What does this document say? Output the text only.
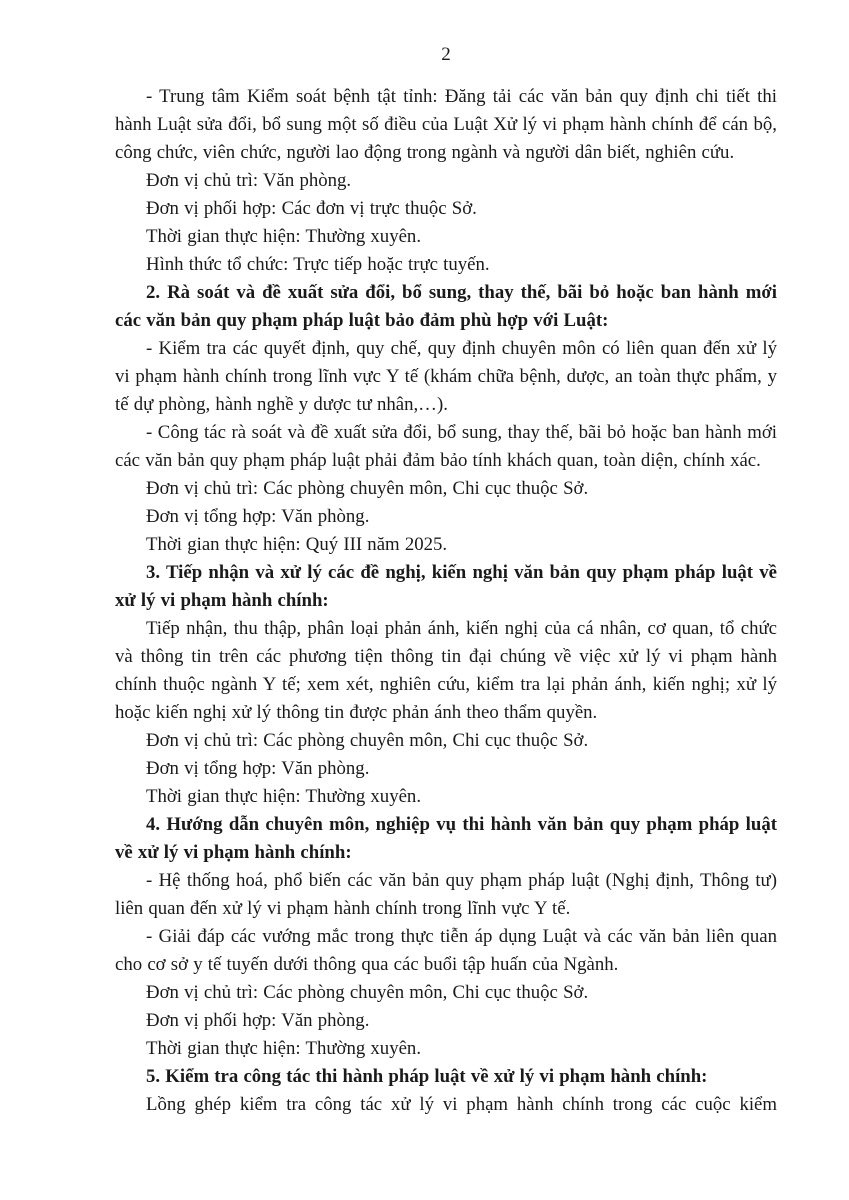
2

- Trung tâm Kiểm soát bệnh tật tỉnh: Đăng tải các văn bản quy định chi tiết thi hành Luật sửa đổi, bổ sung một số điều của Luật Xử lý vi phạm hành chính để cán bộ, công chức, viên chức, người lao động trong ngành và người dân biết, nghiên cứu.

Đơn vị chủ trì: Văn phòng.

Đơn vị phối hợp: Các đơn vị trực thuộc Sở.

Thời gian thực hiện: Thường xuyên.

Hình thức tổ chức: Trực tiếp hoặc trực tuyến.

2. Rà soát và đề xuất sửa đổi, bổ sung, thay thế, bãi bỏ hoặc ban hành mới các văn bản quy phạm pháp luật bảo đảm phù hợp với Luật:

- Kiểm tra các quyết định, quy chế, quy định chuyên môn có liên quan đến xử lý vi phạm hành chính trong lĩnh vực Y tế (khám chữa bệnh, dược, an toàn thực phẩm, y tế dự phòng, hành nghề y dược tư nhân,…).

- Công tác rà soát và đề xuất sửa đổi, bổ sung, thay thế, bãi bỏ hoặc ban hành mới các văn bản quy phạm pháp luật phải đảm bảo tính khách quan, toàn diện, chính xác.

Đơn vị chủ trì: Các phòng chuyên môn, Chi cục thuộc Sở.

Đơn vị tổng hợp: Văn phòng.

Thời gian thực hiện: Quý III năm 2025.

3. Tiếp nhận và xử lý các đề nghị, kiến nghị văn bản quy phạm pháp luật về xử lý vi phạm hành chính:

Tiếp nhận, thu thập, phân loại phản ánh, kiến nghị của cá nhân, cơ quan, tổ chức và thông tin trên các phương tiện thông tin đại chúng về việc xử lý vi phạm hành chính thuộc ngành Y tế; xem xét, nghiên cứu, kiểm tra lại phản ánh, kiến nghị; xử lý hoặc kiến nghị xử lý thông tin được phản ánh theo thẩm quyền.

Đơn vị chủ trì: Các phòng chuyên môn, Chi cục thuộc Sở.

Đơn vị tổng hợp: Văn phòng.

Thời gian thực hiện: Thường xuyên.

4. Hướng dẫn chuyên môn, nghiệp vụ thi hành văn bản quy phạm pháp luật về xử lý vi phạm hành chính:

- Hệ thống hoá, phổ biến các văn bản quy phạm pháp luật (Nghị định, Thông tư) liên quan đến xử lý vi phạm hành chính trong lĩnh vực Y tế.

- Giải đáp các vướng mắc trong thực tiễn áp dụng Luật và các văn bản liên quan cho cơ sở y tế tuyến dưới thông qua các buổi tập huấn của Ngành.

Đơn vị chủ trì: Các phòng chuyên môn, Chi cục thuộc Sở.

Đơn vị phối hợp: Văn phòng.

Thời gian thực hiện: Thường xuyên.

5. Kiểm tra công tác thi hành pháp luật về xử lý vi phạm hành chính:

Lồng ghép kiểm tra công tác xử lý vi phạm hành chính trong các cuộc kiểm
